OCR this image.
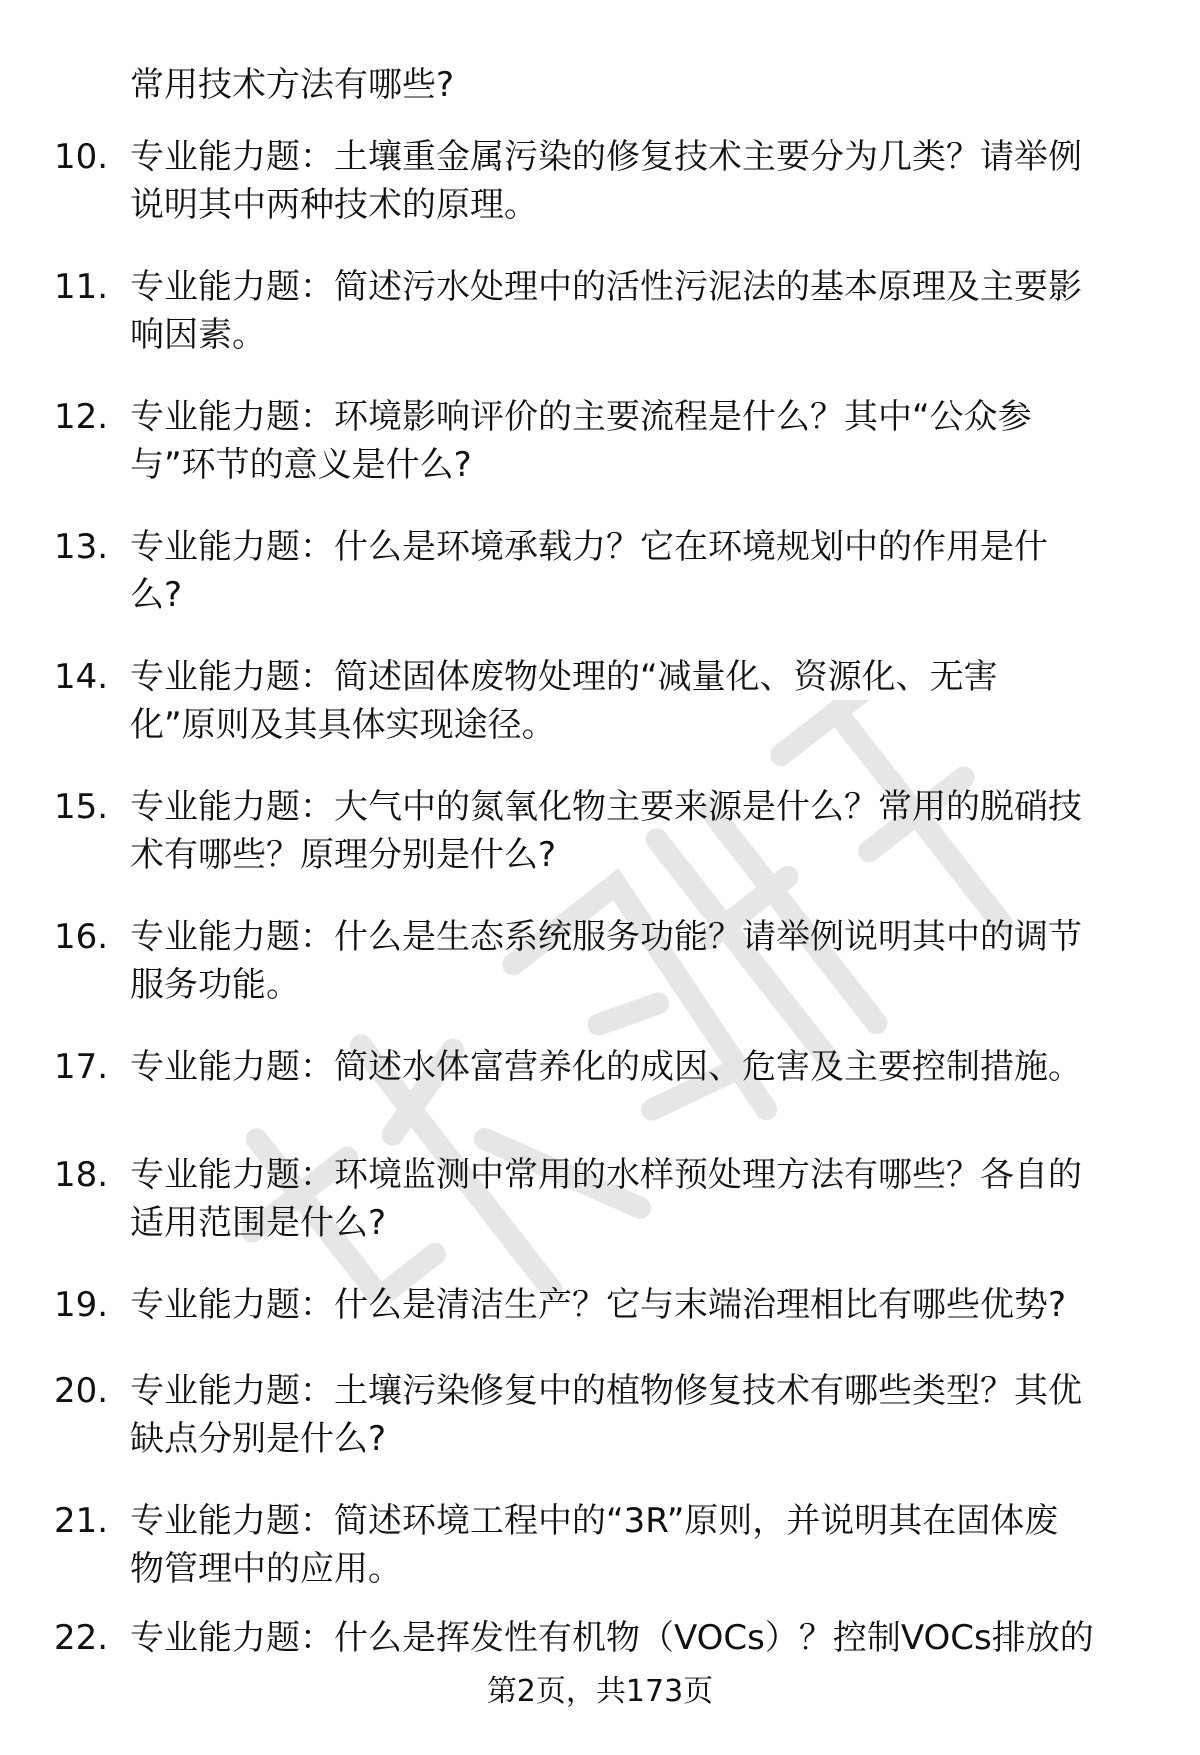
常用技术方法有哪些?
10. 专业能力题：土壤重金属污染的修复技术主要分为几类？请举例
说明其中两种技术的原理。
11. 专业能力题：简述污水处理中的活性污泥法的基本原理及主要影
响因素。
12. 专业能力题：环境影响评价的主要流程是什么？其中“公众参
与”环节的意义是什么?
13. 专业能力题：什么是环境承载力？它在环境规划中的作用是什
么?
14. 专业能力题：简述固体废物处理的“减量化、资源化、无害
化”原则及其具体实现途径。
15. 专业能力题：大气中的氮氧化物主要来源是什么？常用的脱硝技
术有哪些？原理分别是什么?
16. 专业能力题：什么是生态系统服务功能？请举例说明其中的调节
服务功能。
17. 专业能力题：简述水体富营养化的成因、危害及主要控制措施。
18. 专业能力题：环境监测中常用的水样预处理方法有哪些？各自的
适用范围是什么?
19. 专业能力题：什么是清洁生产？它与末端治理相比有哪些优势?
20. 专业能力题：土壤污染修复中的植物修复技术有哪些类型？其优
缺点分别是什么?
21. 专业能力题：简述环境工程中的“3R”原则，并说明其在固体废
物管理中的应用。
22. 专业能力题：什么是挥发性有机物（VOCs）？控制VOCs排放的
第2页，共173页
